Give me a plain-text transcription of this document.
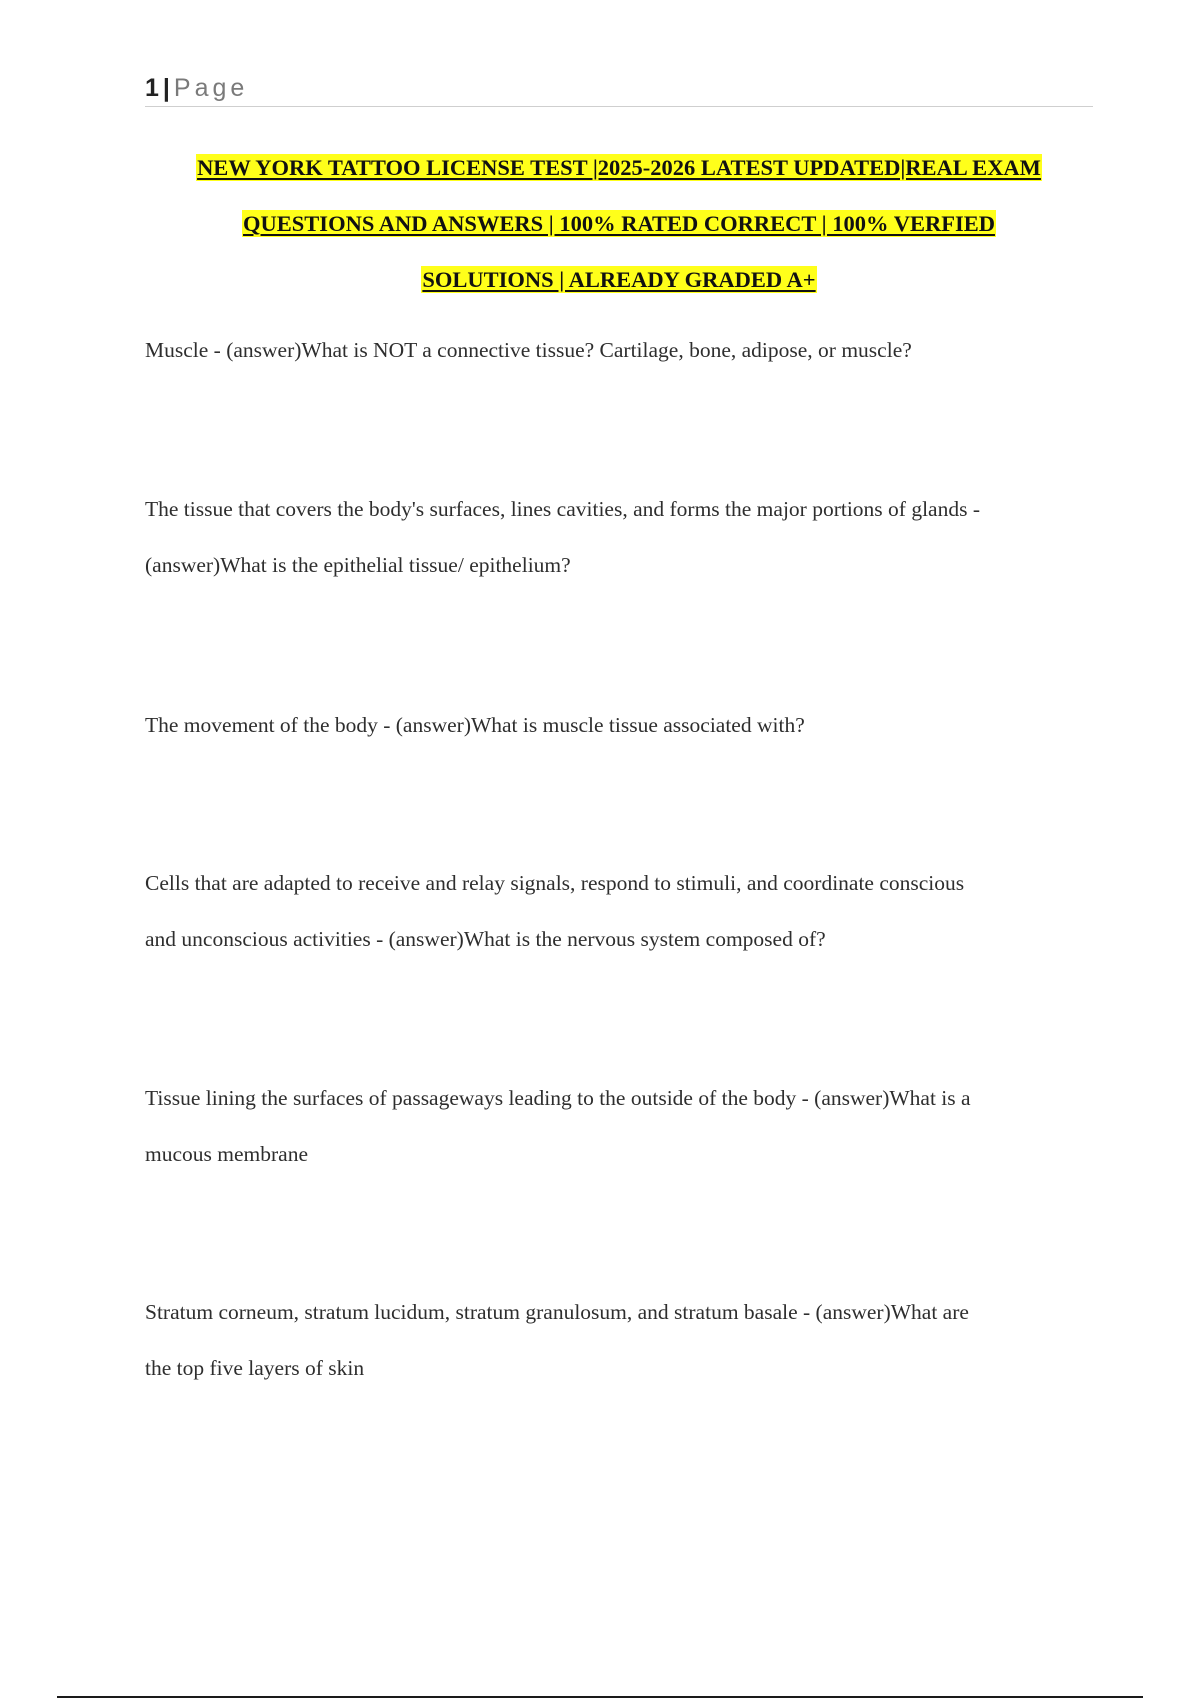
1 | Page
NEW YORK TATTOO LICENSE TEST |2025-2026 LATEST UPDATED|REAL EXAM
QUESTIONS AND ANSWERS | 100% RATED CORRECT | 100% VERFIED
SOLUTIONS | ALREADY GRADED A+
Muscle - (answer)What is NOT a connective tissue? Cartilage, bone, adipose, or muscle?
The tissue that covers the body's surfaces, lines cavities, and forms the major portions of glands -
(answer)What is the epithelial tissue/ epithelium?
The movement of the body - (answer)What is muscle tissue associated with?
Cells that are adapted to receive and relay signals, respond to stimuli, and coordinate conscious
and unconscious activities - (answer)What is the nervous system composed of?
Tissue lining the surfaces of passageways leading to the outside of the body - (answer)What is a
mucous membrane
Stratum corneum, stratum lucidum, stratum granulosum, and stratum basale - (answer)What are
the top five layers of skin
